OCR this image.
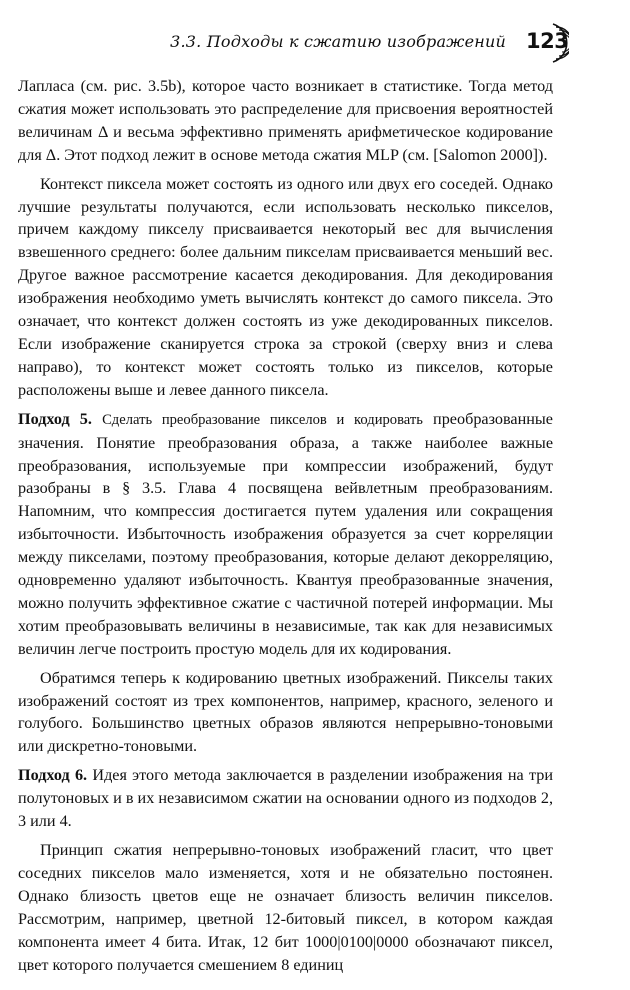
3.3. Подходы к сжатию изображений 123

Лапласа (см. рис. 3.5b), которое часто возникает в статистике. Тогда метод сжатия может использовать это распределение для присвоения вероятностей величинам Δ и весьма эффективно применять арифметическое кодирование для Δ. Этот подход лежит в основе метода сжатия MLP (см. [Salomon 2000]).

Контекст пиксела может состоять из одного или двух его соседей. Однако лучшие результаты получаются, если использовать несколько пикселов, причем каждому пикселу присваивается некоторый вес для вычисления взвешенного среднего: более дальним пикселам присваивается меньший вес. Другое важное рассмотрение касается декодирования. Для декодирования изображения необходимо уметь вычислять контекст до самого пиксела. Это означает, что контекст должен состоять из уже декодированных пикселов. Если изображение сканируется строка за строкой (сверху вниз и слева направо), то контекст может состоять только из пикселов, которые расположены выше и левее данного пиксела.

Подход 5. Сделать преобразование пикселов и кодировать преобразованные значения. Понятие преобразования образа, а также наиболее важные преобразования, используемые при компрессии изображений, будут разобраны в § 3.5. Глава 4 посвящена вейвлетным преобразованиям. Напомним, что компрессия достигается путем удаления или сокращения избыточности. Избыточность изображения образуется за счет корреляции между пикселами, поэтому преобразования, которые делают декорреляцию, одновременно удаляют избыточность. Квантуя преобразованные значения, можно получить эффективное сжатие с частичной потерей информации. Мы хотим преобразовывать величины в независимые, так как для независимых величин легче построить простую модель для их кодирования.

Обратимся теперь к кодированию цветных изображений. Пикселы таких изображений состоят из трех компонентов, например, красного, зеленого и голубого. Большинство цветных образов являются непрерывно-тоновыми или дискретно-тоновыми.

Подход 6. Идея этого метода заключается в разделении изображения на три полутоновых и в их независимом сжатии на основании одного из подходов 2, 3 или 4.

Принцип сжатия непрерывно-тоновых изображений гласит, что цвет соседних пикселов мало изменяется, хотя и не обязательно постоянен. Однако близость цветов еще не означает близость величин пикселов. Рассмотрим, например, цветной 12-битовый пиксел, в котором каждая компонента имеет 4 бита. Итак, 12 бит 1000|0100|0000 обозначают пиксел, цвет которого получается смешением 8 единиц
